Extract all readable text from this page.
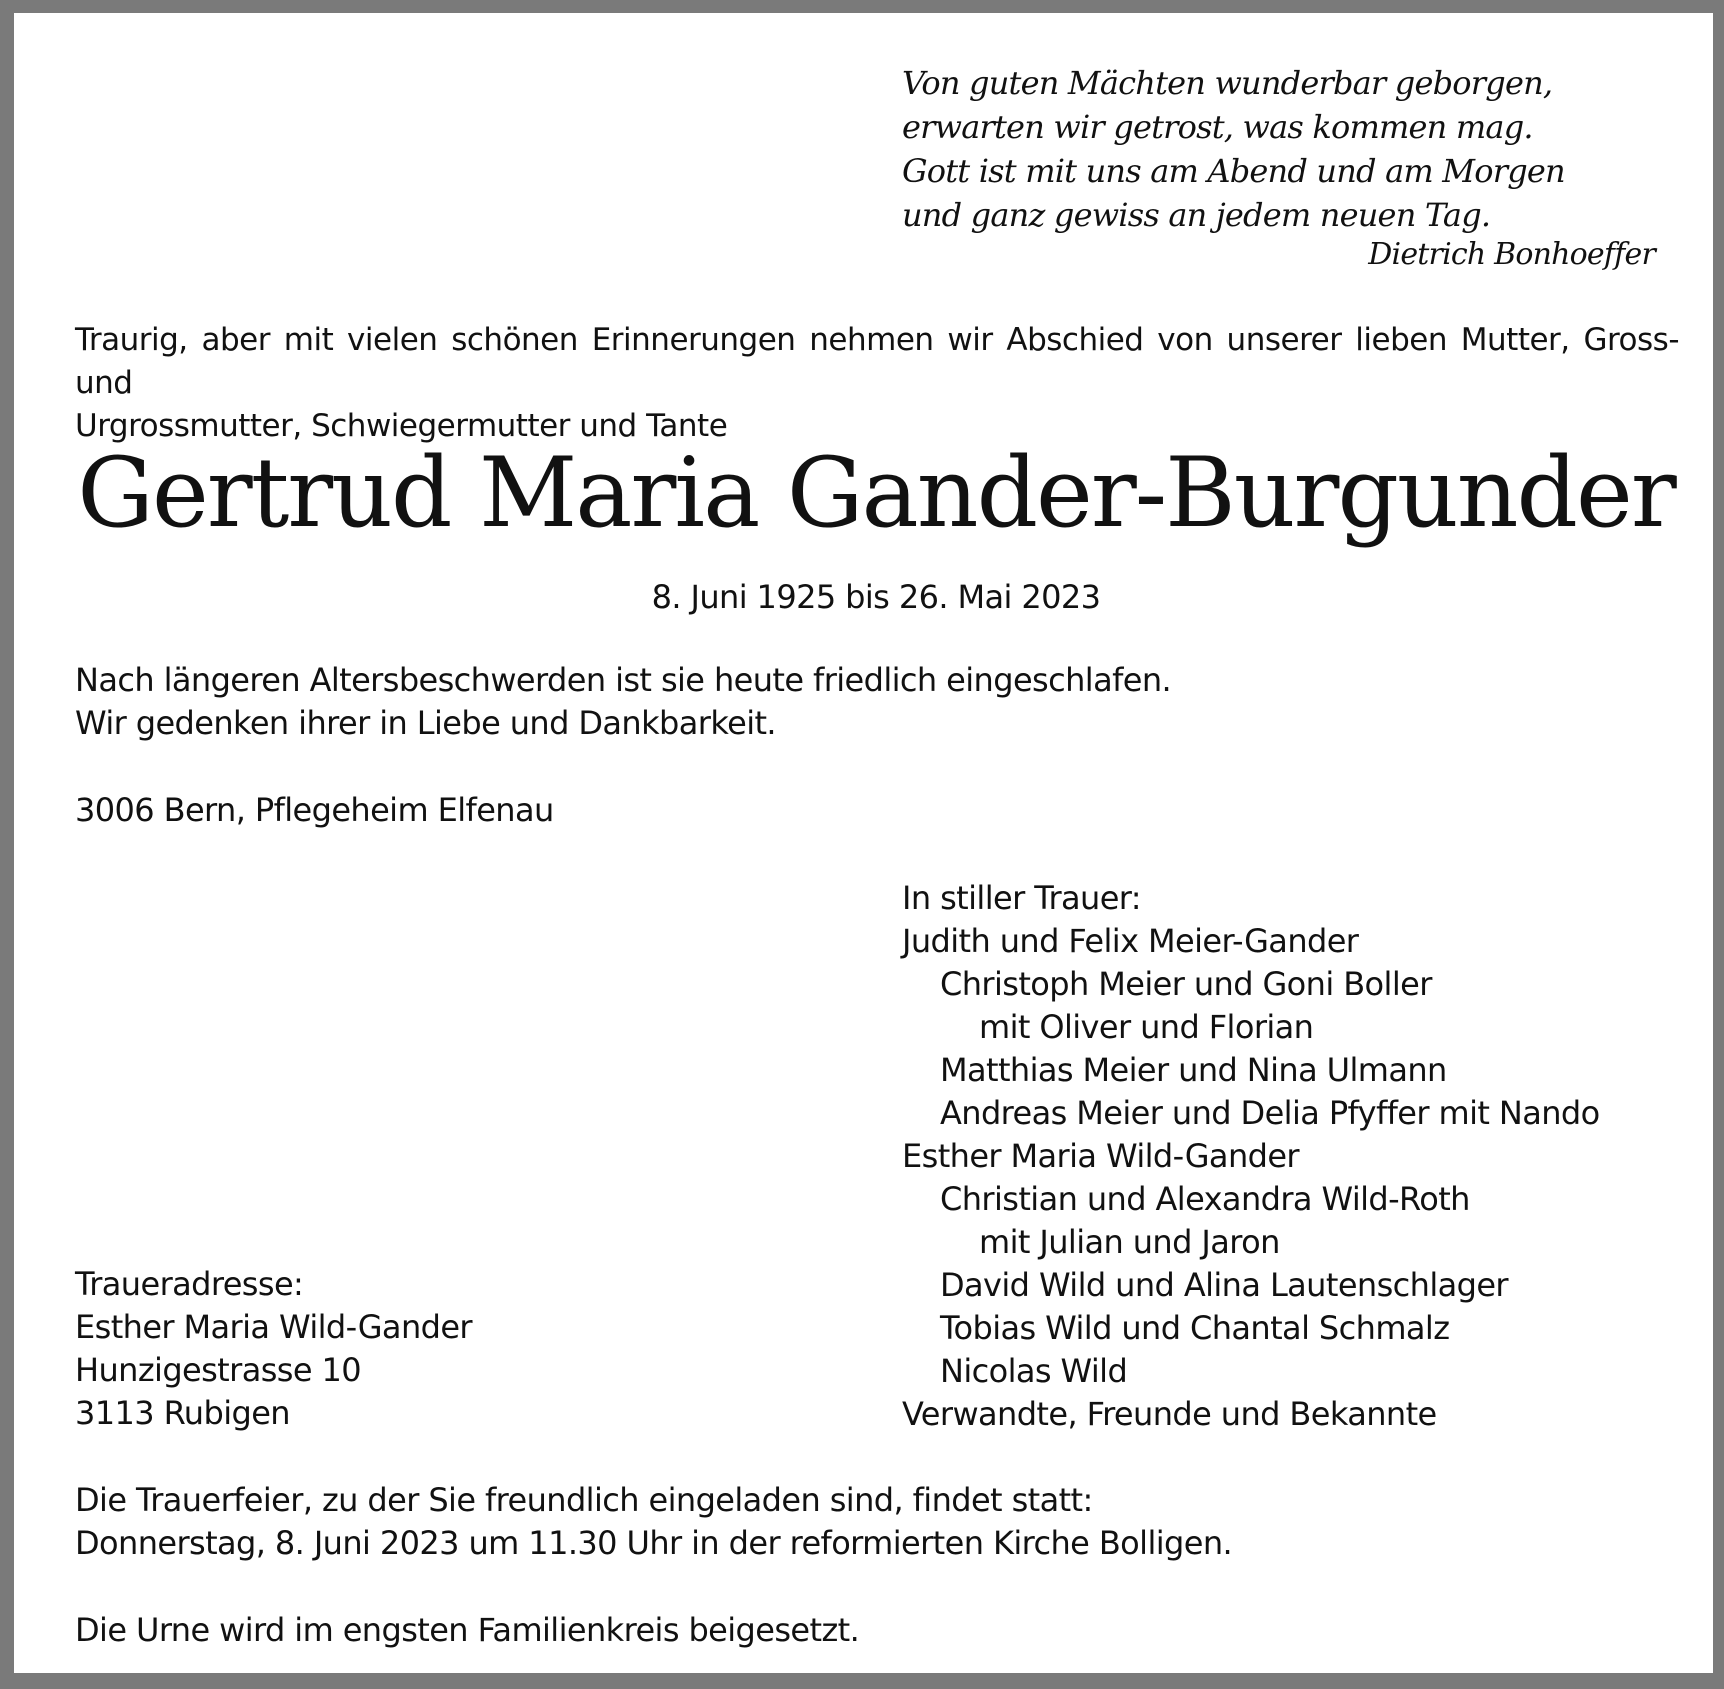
Von guten Mächten wunderbar geborgen,
erwarten wir getrost, was kommen mag.
Gott ist mit uns am Abend und am Morgen
und ganz gewiss an jedem neuen Tag.
Dietrich Bonhoeffer
Traurig, aber mit vielen schönen Erinnerungen nehmen wir Abschied von unserer lieben Mutter, Gross- und
Urgrossmutter, Schwiegermutter und Tante
Gertrud Maria Gander-Burgunder
8. Juni 1925 bis 26. Mai 2023
Nach längeren Altersbeschwerden ist sie heute friedlich eingeschlafen.
Wir gedenken ihrer in Liebe und Dankbarkeit.
3006 Bern, Pflegeheim Elfenau
In stiller Trauer:
Judith und Felix Meier-Gander
Christoph Meier und Goni Boller
mit Oliver und Florian
Matthias Meier und Nina Ulmann
Andreas Meier und Delia Pfyffer mit Nando
Esther Maria Wild-Gander
Christian und Alexandra Wild-Roth
mit Julian und Jaron
David Wild und Alina Lautenschlager
Tobias Wild und Chantal Schmalz
Nicolas Wild
Verwandte, Freunde und Bekannte
Traueradresse:
Esther Maria Wild-Gander
Hunzigestrasse 10
3113 Rubigen
Die Trauerfeier, zu der Sie freundlich eingeladen sind, findet statt:
Donnerstag, 8. Juni 2023 um 11.30 Uhr in der reformierten Kirche Bolligen.
Die Urne wird im engsten Familienkreis beigesetzt.
